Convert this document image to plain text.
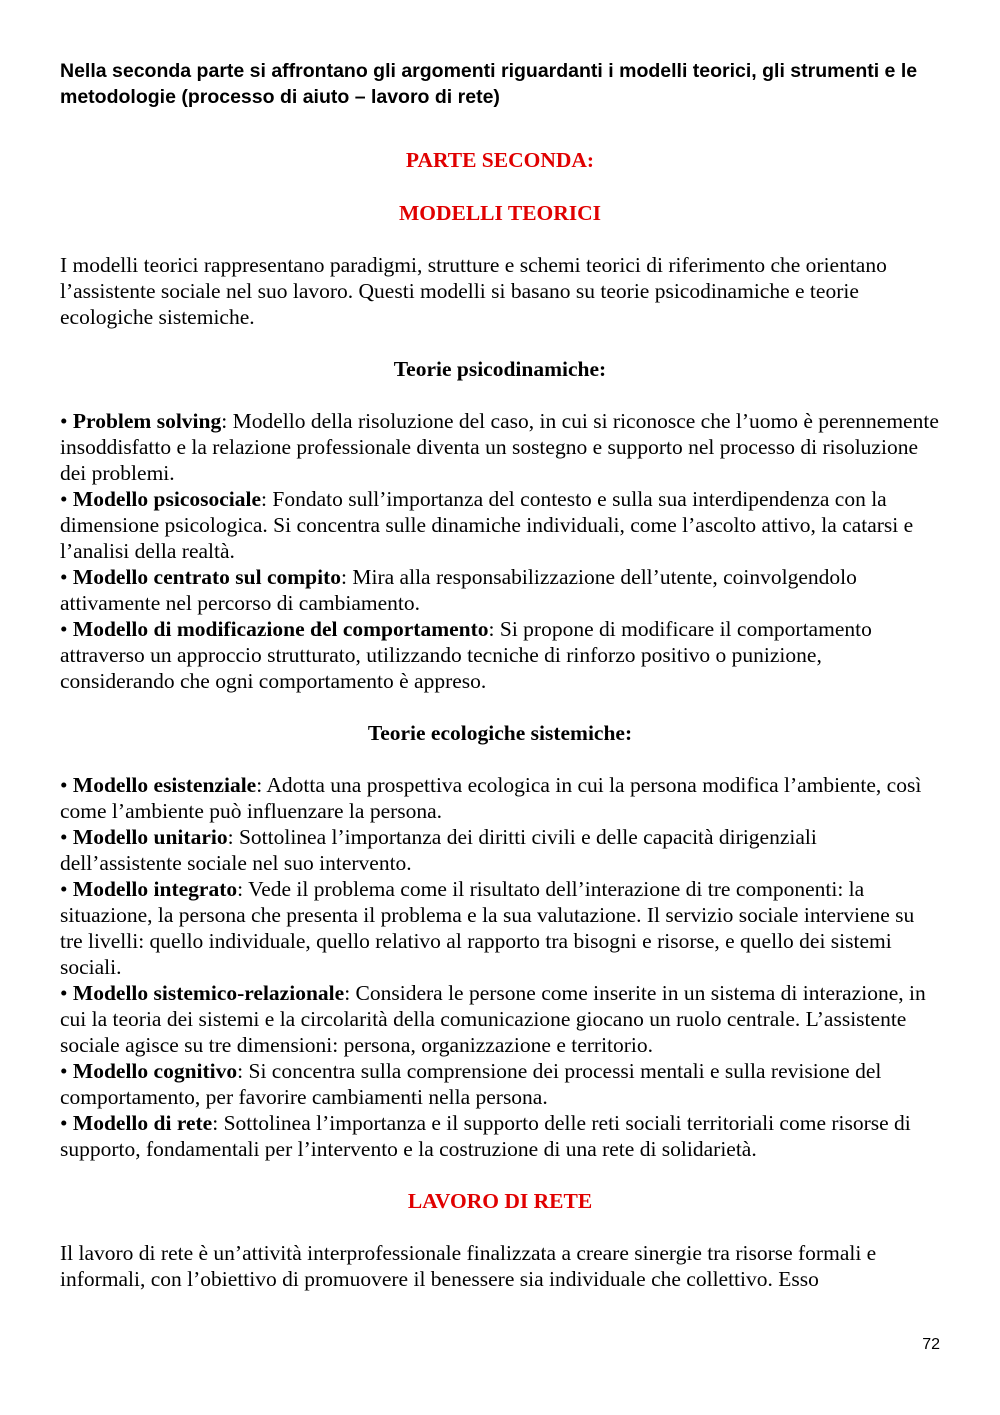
Nella seconda parte si affrontano gli argomenti riguardanti i modelli teorici, gli strumenti e le metodologie (processo di aiuto – lavoro di rete)

PARTE SECONDA:
MODELLI TEORICI

I modelli teorici rappresentano paradigmi, strutture e schemi teorici di riferimento che orientano l’assistente sociale nel suo lavoro. Questi modelli si basano su teorie psicodinamiche e teorie ecologiche sistemiche.

Teorie psicodinamiche:
• Problem solving: Modello della risoluzione del caso, in cui si riconosce che l’uomo è perennemente insoddisfatto e la relazione professionale diventa un sostegno e supporto nel processo di risoluzione dei problemi.
• Modello psicosociale: Fondato sull’importanza del contesto e sulla sua interdipendenza con la dimensione psicologica. Si concentra sulle dinamiche individuali, come l’ascolto attivo, la catarsi e l’analisi della realtà.
• Modello centrato sul compito: Mira alla responsabilizzazione dell’utente, coinvolgendolo attivamente nel percorso di cambiamento.
• Modello di modificazione del comportamento: Si propone di modificare il comportamento attraverso un approccio strutturato, utilizzando tecniche di rinforzo positivo o punizione, considerando che ogni comportamento è appreso.
Teorie ecologiche sistemiche:
• Modello esistenziale: Adotta una prospettiva ecologica in cui la persona modifica l’ambiente, così come l’ambiente può influenzare la persona.
• Modello unitario: Sottolinea l’importanza dei diritti civili e delle capacità dirigenziali dell’assistente sociale nel suo intervento.
• Modello integrato: Vede il problema come il risultato dell’interazione di tre componenti: la situazione, la persona che presenta il problema e la sua valutazione. Il servizio sociale interviene su tre livelli: quello individuale, quello relativo al rapporto tra bisogni e risorse, e quello dei sistemi sociali.
• Modello sistemico-relazionale: Considera le persone come inserite in un sistema di interazione, in cui la teoria dei sistemi e la circolarità della comunicazione giocano un ruolo centrale. L’assistente sociale agisce su tre dimensioni: persona, organizzazione e territorio.
• Modello cognitivo: Si concentra sulla comprensione dei processi mentali e sulla revisione del comportamento, per favorire cambiamenti nella persona.
• Modello di rete: Sottolinea l’importanza e il supporto delle reti sociali territoriali come risorse di supporto, fondamentali per l’intervento e la costruzione di una rete di solidarietà.
LAVORO DI RETE

Il lavoro di rete è un’attività interprofessionale finalizzata a creare sinergie tra risorse formali e informali, con l’obiettivo di promuovere il benessere sia individuale che collettivo. Esso

72
